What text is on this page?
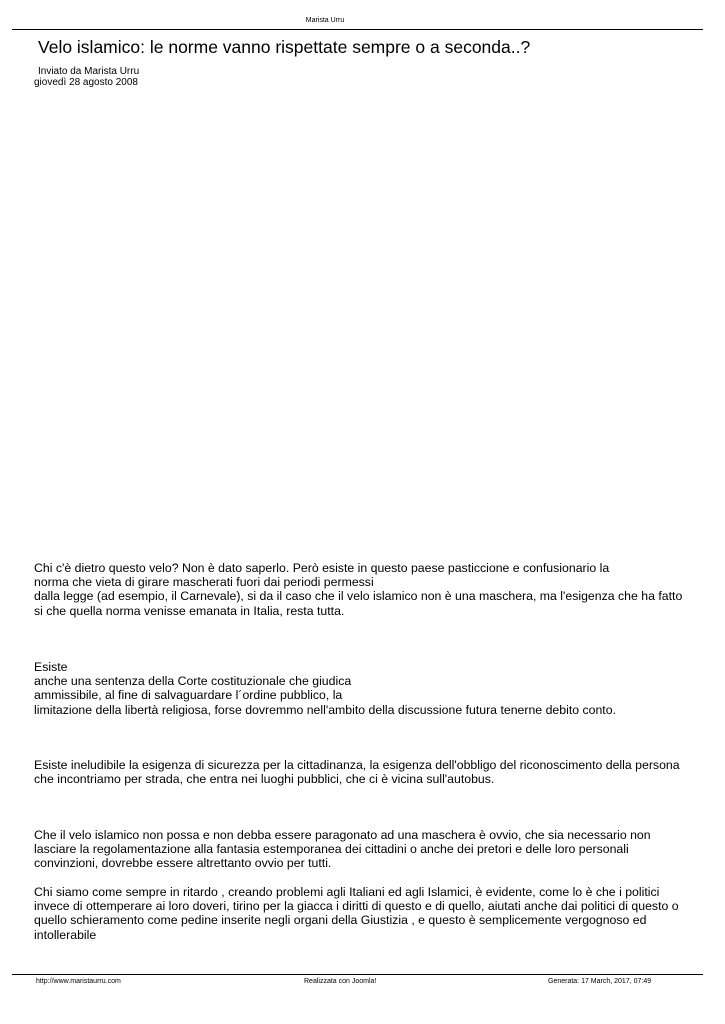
Marista Urru
Velo islamico: le norme vanno rispettate sempre o a seconda..?
Inviato da Marista Urru
giovedì 28 agosto 2008
Chi c'è dietro questo velo? Non è dato saperlo. Però esiste in questo paese pasticcione e confusionario la
norma che vieta di girare mascherati fuori dai periodi permessi
dalla legge (ad esempio, il Carnevale), si da il caso che il velo islamico non è una maschera, ma l'esigenza che ha fatto
si che quella norma venisse emanata in Italia, resta tutta.
Esiste
anche una sentenza della Corte costituzionale che giudica
ammissibile, al fine di salvaguardare l´ordine pubblico, la
limitazione della libertà religiosa, forse dovremmo nell'ambito della discussione futura tenerne debito conto.
Esiste ineludibile la esigenza di sicurezza per la cittadinanza, la esigenza dell'obbligo del riconoscimento della persona
che incontriamo per strada, che entra nei luoghi pubblici, che ci è vicina sull'autobus.
Che il velo islamico non possa e non debba essere paragonato ad una maschera è ovvio, che sia necessario non
lasciare la regolamentazione alla fantasia estemporanea dei cittadini o anche dei pretori e delle loro personali
convinzioni, dovrebbe essere altrettanto ovvio per tutti.
Chi siamo come sempre in ritardo , creando problemi agli Italiani ed agli Islamici, è evidente, come lo è che i politici
invece di ottemperare ai loro doveri, tirino per la giacca i diritti di questo e di quello, aiutati anche dai politici di questo o
quello schieramento come pedine inserite negli organi della Giustizia , e questo è semplicemente vergognoso ed
intollerabile
http://www.maristaurru.com	Realizzata con Joomla!	Generata: 17 March, 2017, 07:49
